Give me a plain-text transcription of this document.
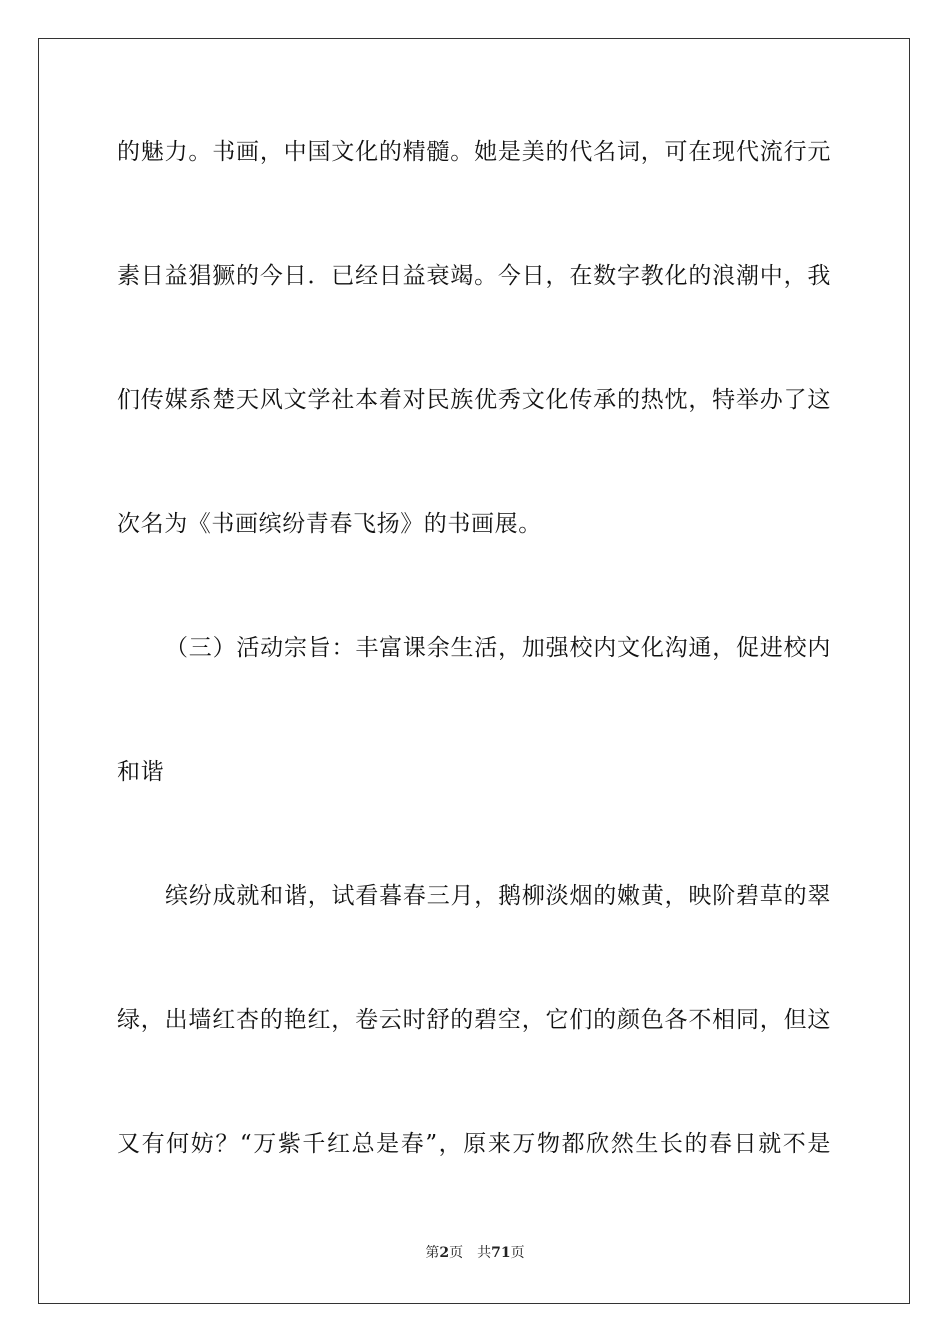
的魅力。书画，中国文化的精髓。她是美的代名词，可在现代流行元
素日益猖獗的今日．已经日益衰竭。今日，在数字教化的浪潮中，我
们传媒系楚天风文学社本着对民族优秀文化传承的热忱，特举办了这
次名为《书画缤纷青春飞扬》的书画展。
（三）活动宗旨：丰富课余生活，加强校内文化沟通，促进校内
和谐
缤纷成就和谐，试看暮春三月，鹅柳淡烟的嫩黄，映阶碧草的翠
绿，出墙红杏的艳红，卷云时舒的碧空，它们的颜色各不相同，但这
又有何妨？“万紫千红总是春”，原来万物都欣然生长的春日就不是
第2页 共71页
